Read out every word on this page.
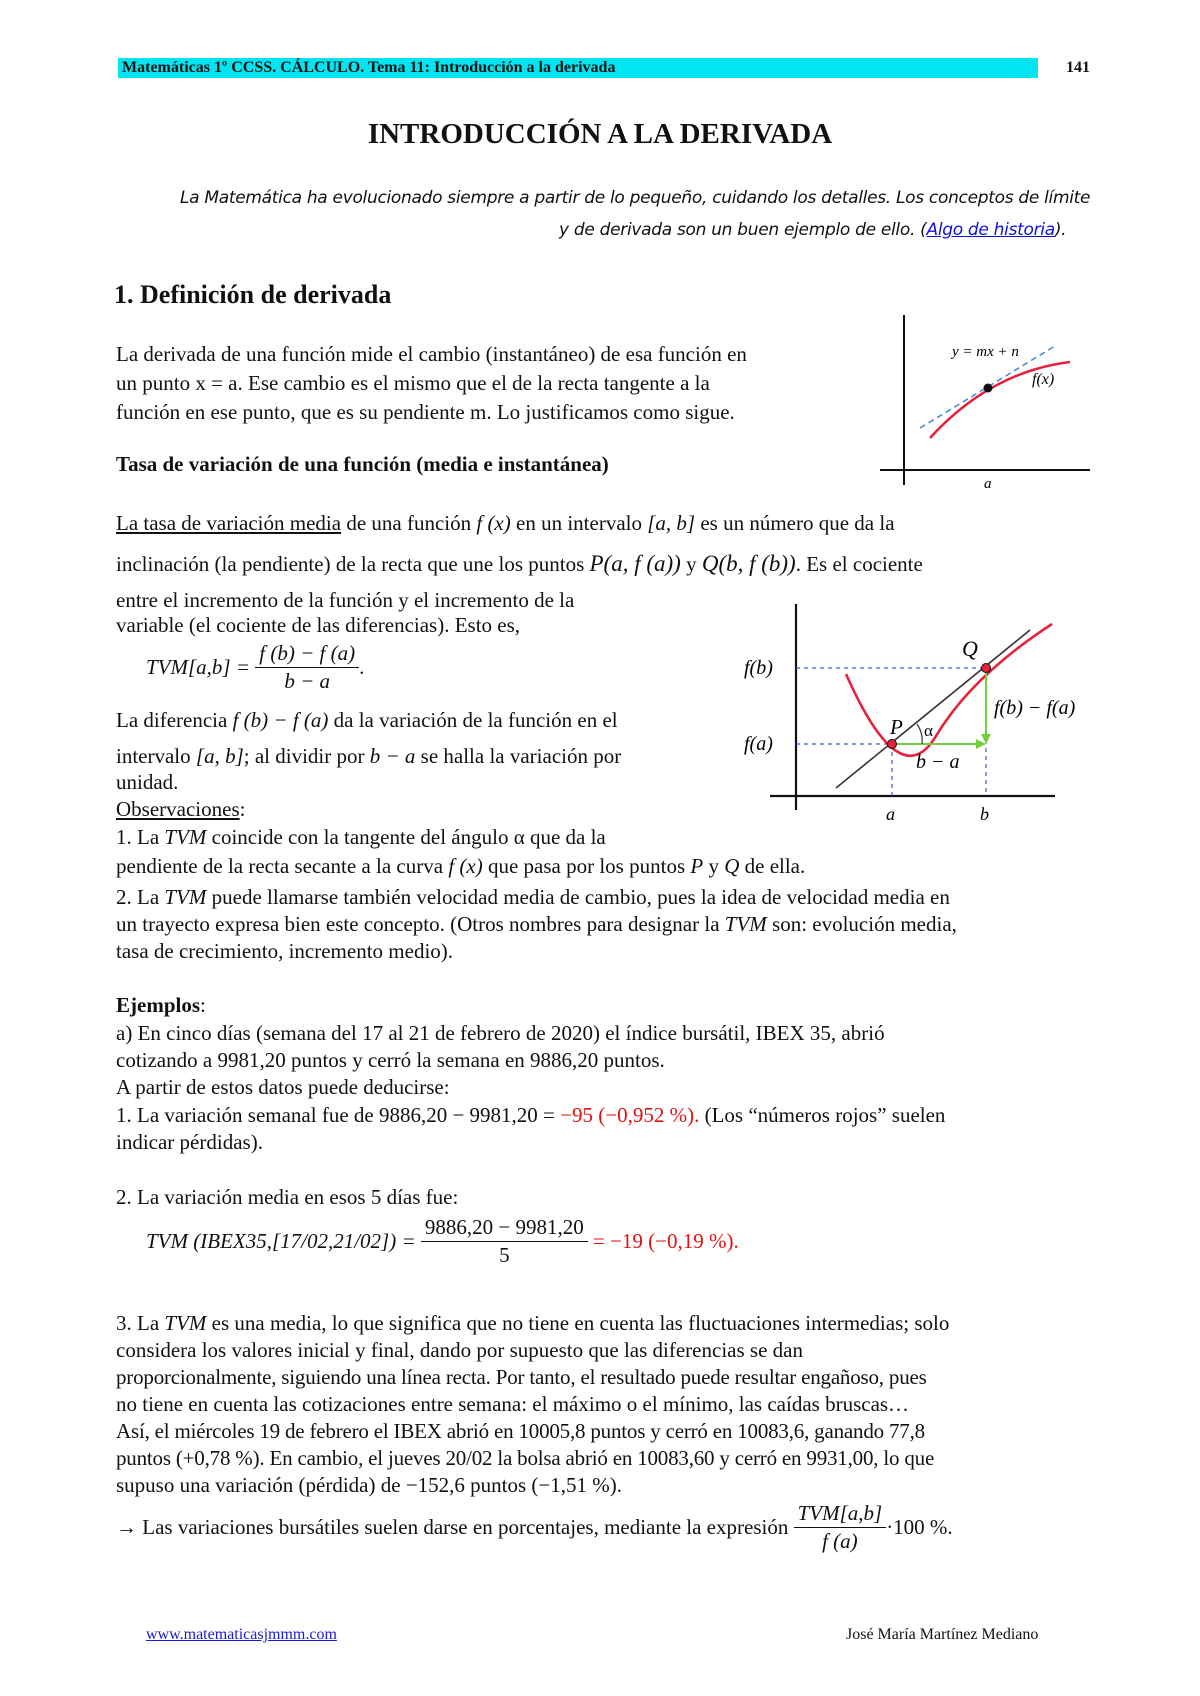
Matemáticas 1º CCSS. CÁLCULO. Tema 11: Introducción a la derivada	141
INTRODUCCIÓN A LA DERIVADA
La Matemática ha evolucionado siempre a partir de lo pequeño, cuidando los detalles. Los conceptos de límite
y de derivada son un buen ejemplo de ello. (Algo de historia).
1. Definición de derivada
La derivada de una función mide el cambio (instantáneo) de esa función en
un punto x = a. Ese cambio es el mismo que el de la recta tangente a la
función en ese punto, que es su pendiente m. Lo justificamos como sigue.
y = mx + n
f(x)
a
Tasa de variación de una función (media e instantánea)
La tasa de variación media de una función f (x) en un intervalo [a, b] es un número que da la
inclinación (la pendiente) de la recta que une los puntos P(a, f (a)) y Q(b, f (b)). Es el cociente
entre el incremento de la función y el incremento de la
variable (el cociente de las diferencias). Esto es,
$TVM[a,b] = \frac{f (b) - f (a)}{b - a}$ .
La diferencia f (b) − f (a) da la variación de la función en el
intervalo [a, b]; al dividir por b − a se halla la variación por
unidad.
Observaciones:
1. La TVM coincide con la tangente del ángulo α que da la
pendiente de la recta secante a la curva f (x) que pasa por los puntos P y Q de ella.
2. La TVM puede llamarse también velocidad media de cambio, pues la idea de velocidad media en
un trayecto expresa bien este concepto. (Otros nombres para designar la TVM son: evolución media,
tasa de crecimiento, incremento medio).
f(b)
f(a)
Q
P α
f(b) − f(a)
b − a
a	b
Ejemplos:
a) En cinco días (semana del 17 al 21 de febrero de 2020) el índice bursátil, IBEX 35, abrió
cotizando a 9981,20 puntos y cerró la semana en 9886,20 puntos.
A partir de estos datos puede deducirse:
1. La variación semanal fue de 9886,20 − 9981,20 = −95 (−0,952 %). (Los “números rojos” suelen
indicar pérdidas).
2. La variación media en esos 5 días fue:
TVM (IBEX35,[17/02,21/02]) = $\frac{9886,20 - 9981,20}{5} = -19$ (−0,19 %).
3. La TVM es una media, lo que significa que no tiene en cuenta las fluctuaciones intermedias; solo
considera los valores inicial y final, dando por supuesto que las diferencias se dan
proporcionalmente, siguiendo una línea recta. Por tanto, el resultado puede resultar engañoso, pues
no tiene en cuenta las cotizaciones entre semana: el máximo o el mínimo, las caídas bruscas…
Así, el miércoles 19 de febrero el IBEX abrió en 10005,8 puntos y cerró en 10083,6, ganando 77,8
puntos (+0,78 %). En cambio, el jueves 20/02 la bolsa abrió en 10083,60 y cerró en 9931,00, lo que
supuso una variación (pérdida) de −152,6 puntos (−1,51 %).
→ Las variaciones bursátiles suelen darse en porcentajes, mediante la expresión $\frac{\text{TVM[a,b]}}{f (a)} \cdot 100$ %.
www.matematicasjmmm.com	José María Martínez Mediano
